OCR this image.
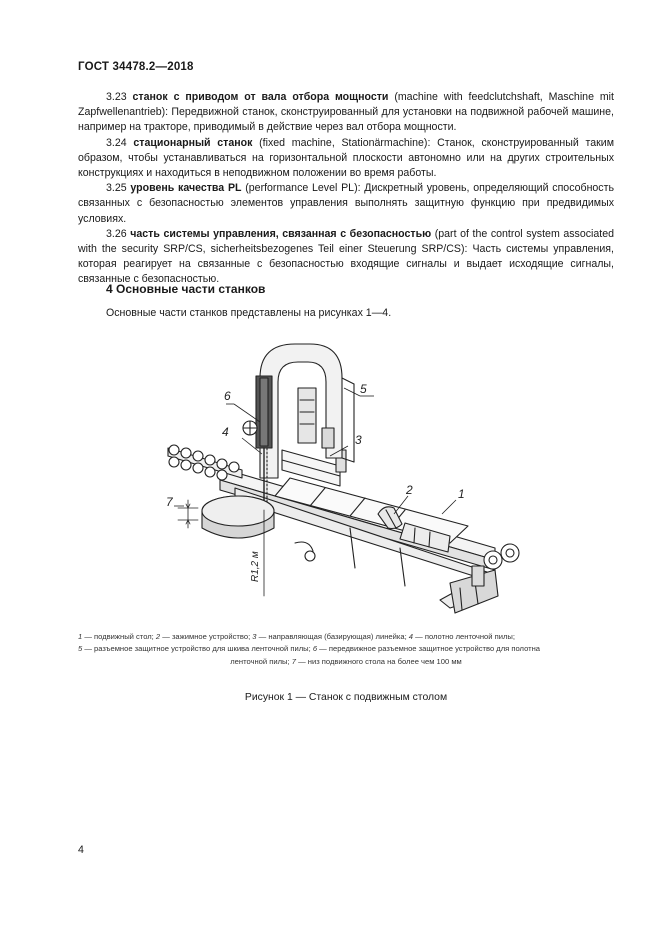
ГОСТ 34478.2—2018

3.23 станок с приводом от вала отбора мощности (machine with feedclutchshaft, Maschine mit Zapfwellenantrieb): Передвижной станок, сконструированный для установки на подвижной рабочей машине, например на тракторе, приводимый в действие через вал отбора мощности.

3.24 стационарный станок (fixed machine, Stationärmachine): Станок, сконструированный таким образом, чтобы устанавливаться на горизонтальной плоскости автономно или на других строительных конструкциях и находиться в неподвижном положении во время работы.

3.25 уровень качества PL (performance Level PL): Дискретный уровень, определяющий способность связанных с безопасностью элементов управления выполнять защитную функцию при предвидимых условиях.

3.26 часть системы управления, связанная с безопасностью (part of the control system associated with the security SRP/CS, sicherheitsbezogenes Teil einer Steuerung SRP/CS): Часть системы управления, которая реагирует на связанные с безопасностью входящие сигналы и выдает исходящие сигналы, связанные с безопасностью.

4 Основные части станков
Основные части станков представлены на рисунках 1—4.
1
2
3
4
5
6
7
R1,2 м
1 — подвижный стол; 2 — зажимное устройство; 3 — направляющая (базирующая) линейка; 4 — полотно ленточной пилы;
5 — разъемное защитное устройство для шкива ленточной пилы; 6 — передвижное разъемное защитное устройство для полотна
ленточной пилы; 7 — низ подвижного стола на более чем 100 мм
Рисунок 1 — Станок с подвижным столом
4
